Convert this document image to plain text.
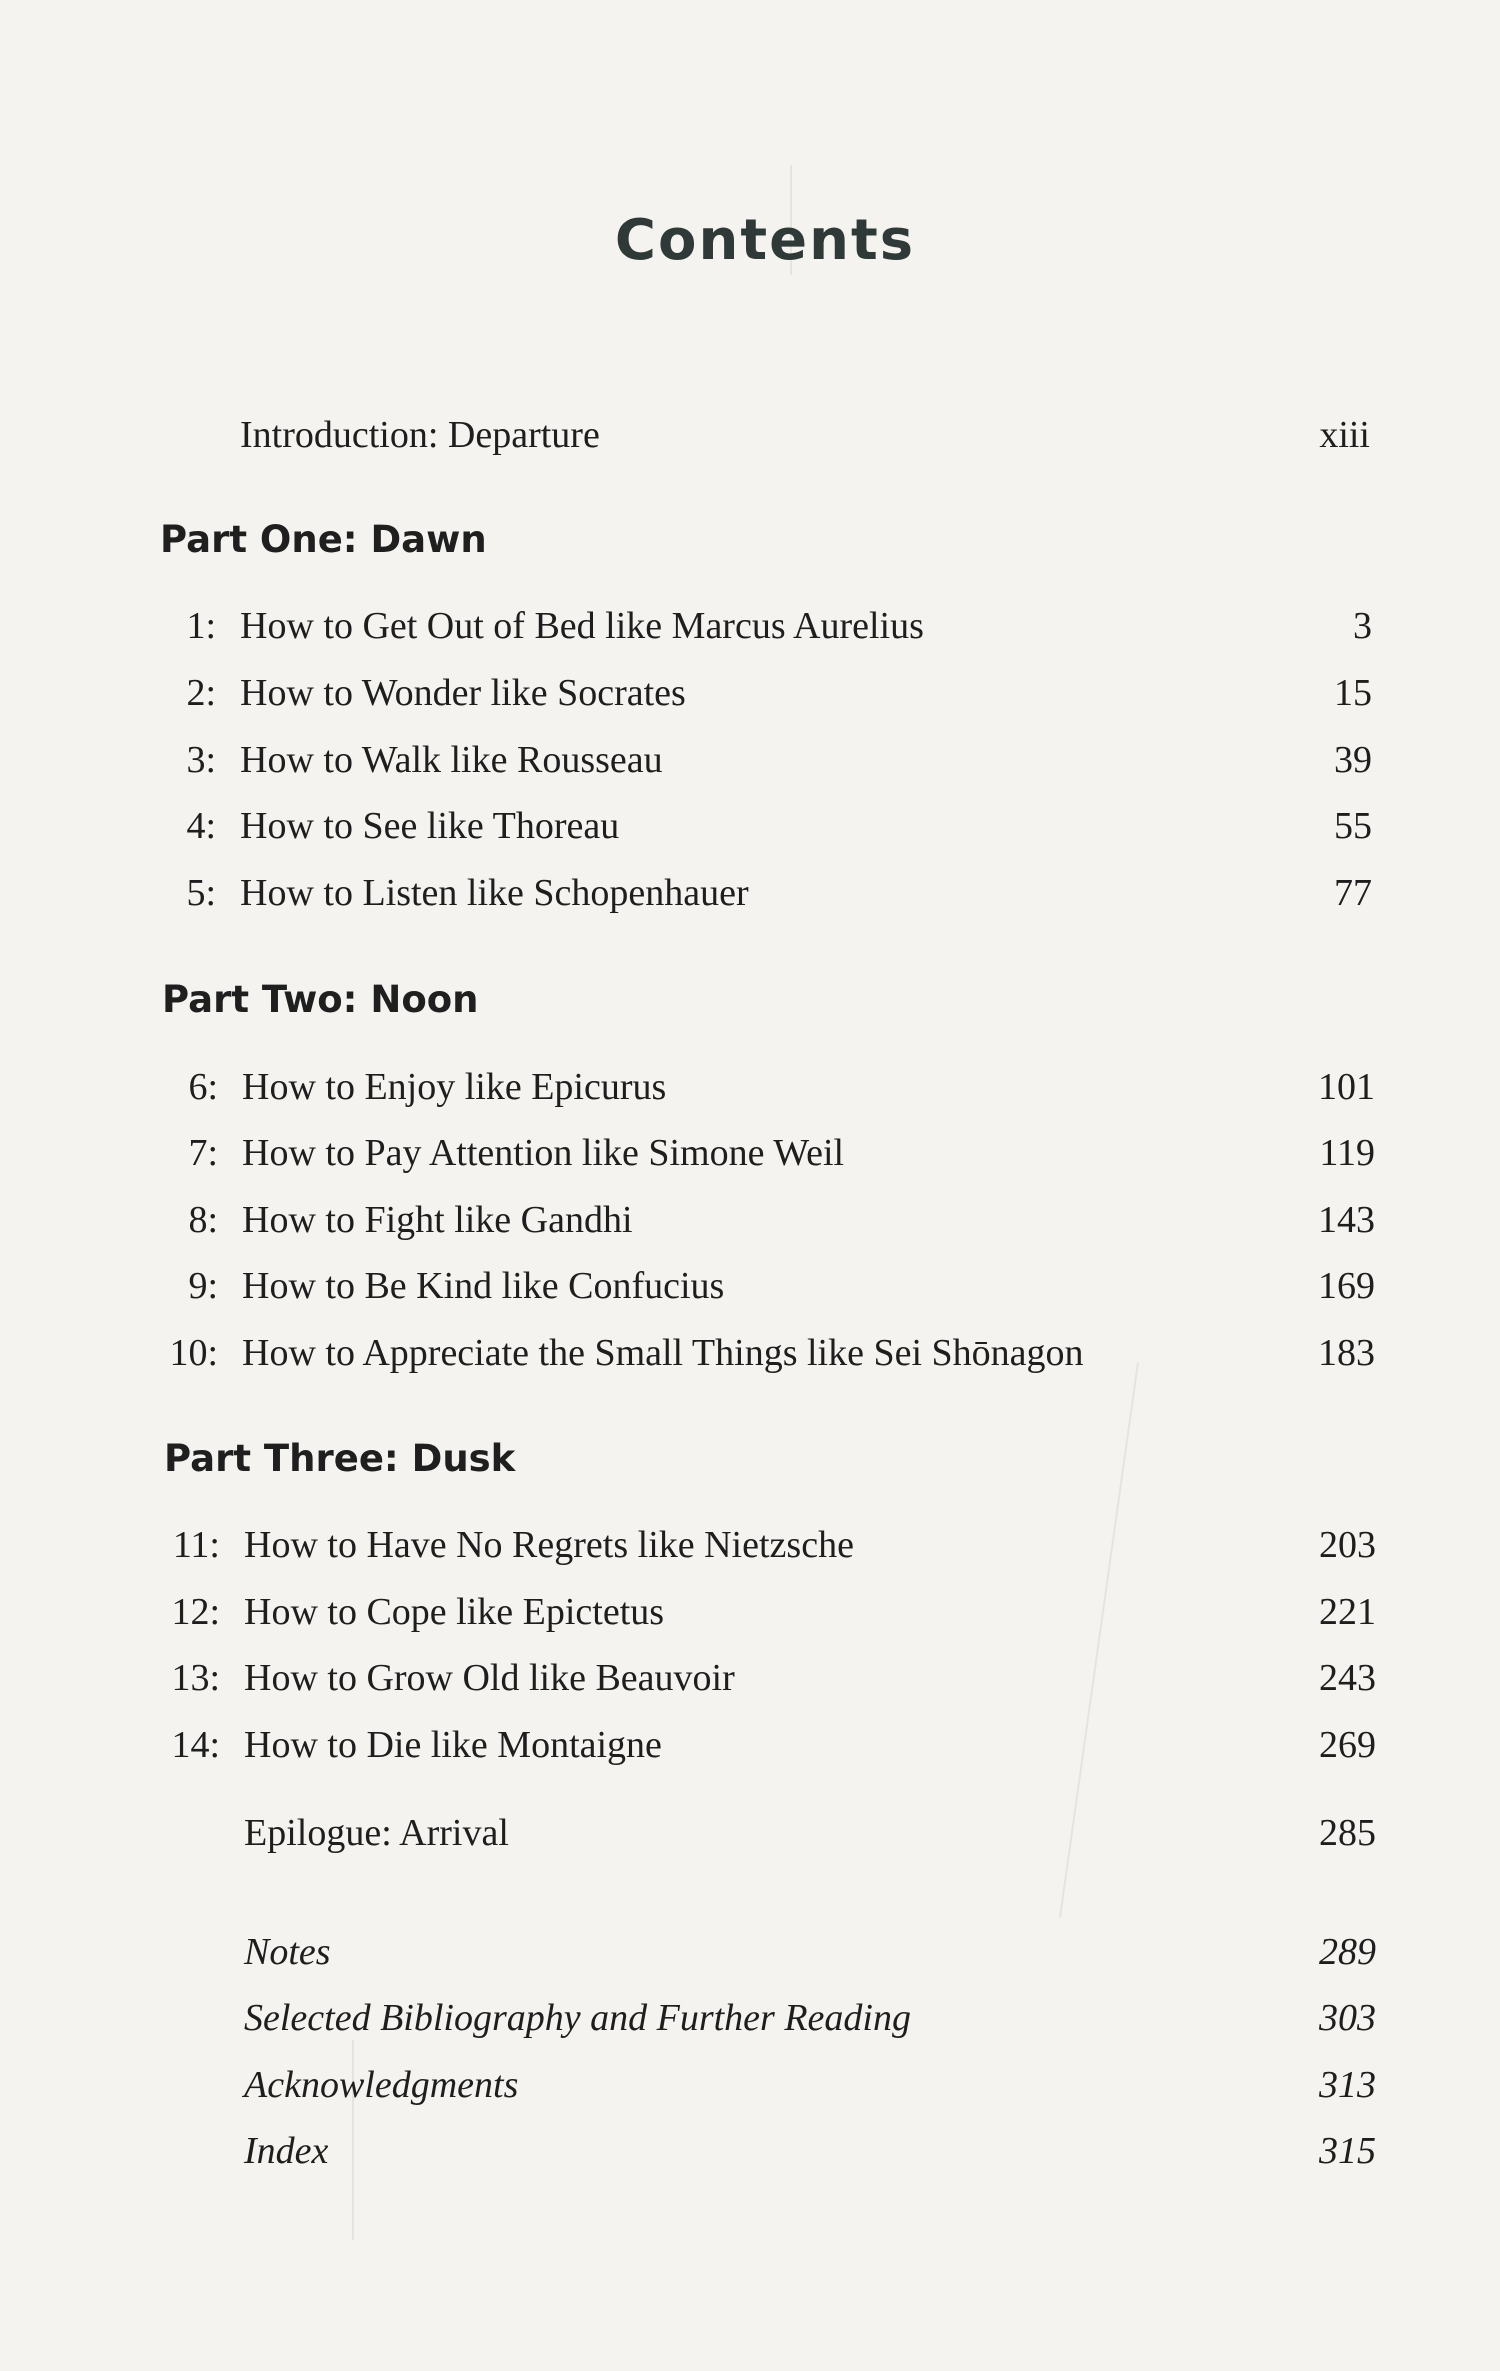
Contents
Introduction: Departure	xiii
Part One: Dawn
1: How to Get Out of Bed like Marcus Aurelius	3
2: How to Wonder like Socrates	15
3: How to Walk like Rousseau	39
4: How to See like Thoreau	55
5: How to Listen like Schopenhauer	77
Part Two: Noon
6: How to Enjoy like Epicurus	101
7: How to Pay Attention like Simone Weil	119
8: How to Fight like Gandhi	143
9: How to Be Kind like Confucius	169
10: How to Appreciate the Small Things like Sei Shōnagon	183
Part Three: Dusk
11: How to Have No Regrets like Nietzsche	203
12: How to Cope like Epictetus	221
13: How to Grow Old like Beauvoir	243
14: How to Die like Montaigne	269
Epilogue: Arrival	285
Notes	289
Selected Bibliography and Further Reading	303
Acknowledgments	313
Index	315
